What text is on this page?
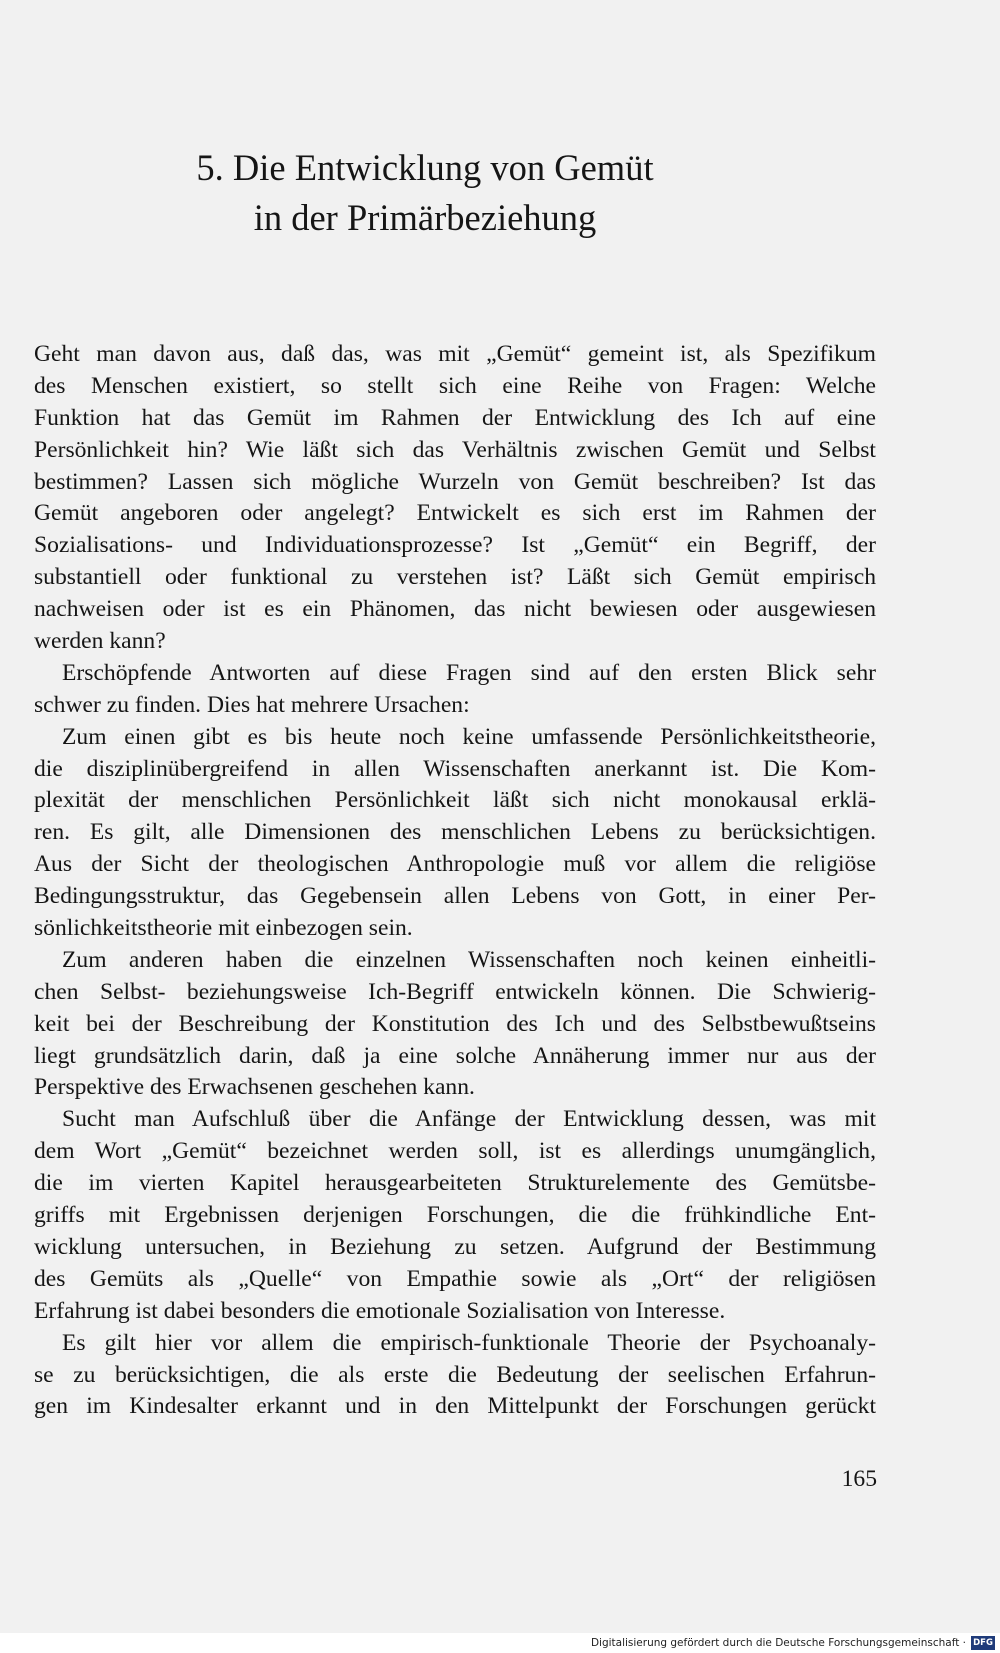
5. Die Entwicklung von Gemüt
in der Primärbeziehung
Geht man davon aus, daß das, was mit „Gemüt“ gemeint ist, als Spezifikum
des Menschen existiert, so stellt sich eine Reihe von Fragen: Welche
Funktion hat das Gemüt im Rahmen der Entwicklung des Ich auf eine
Persönlichkeit hin? Wie läßt sich das Verhältnis zwischen Gemüt und Selbst
bestimmen? Lassen sich mögliche Wurzeln von Gemüt beschreiben? Ist das
Gemüt angeboren oder angelegt? Entwickelt es sich erst im Rahmen der
Sozialisations- und Individuationsprozesse? Ist „Gemüt“ ein Begriff, der
substantiell oder funktional zu verstehen ist? Läßt sich Gemüt empirisch
nachweisen oder ist es ein Phänomen, das nicht bewiesen oder ausgewiesen
werden kann?
Erschöpfende Antworten auf diese Fragen sind auf den ersten Blick sehr
schwer zu finden. Dies hat mehrere Ursachen:
Zum einen gibt es bis heute noch keine umfassende Persönlichkeitstheorie,
die disziplinübergreifend in allen Wissenschaften anerkannt ist. Die Kom-
plexität der menschlichen Persönlichkeit läßt sich nicht monokausal erklä-
ren. Es gilt, alle Dimensionen des menschlichen Lebens zu berücksichtigen.
Aus der Sicht der theologischen Anthropologie muß vor allem die religiöse
Bedingungsstruktur, das Gegebensein allen Lebens von Gott, in einer Per-
sönlichkeitstheorie mit einbezogen sein.
Zum anderen haben die einzelnen Wissenschaften noch keinen einheitli-
chen Selbst- beziehungsweise Ich-Begriff entwickeln können. Die Schwierig-
keit bei der Beschreibung der Konstitution des Ich und des Selbstbewußtseins
liegt grundsätzlich darin, daß ja eine solche Annäherung immer nur aus der
Perspektive des Erwachsenen geschehen kann.
Sucht man Aufschluß über die Anfänge der Entwicklung dessen, was mit
dem Wort „Gemüt“ bezeichnet werden soll, ist es allerdings unumgänglich,
die im vierten Kapitel herausgearbeiteten Strukturelemente des Gemütsbe-
griffs mit Ergebnissen derjenigen Forschungen, die die frühkindliche Ent-
wicklung untersuchen, in Beziehung zu setzen. Aufgrund der Bestimmung
des Gemüts als „Quelle“ von Empathie sowie als „Ort“ der religiösen
Erfahrung ist dabei besonders die emotionale Sozialisation von Interesse.
Es gilt hier vor allem die empirisch-funktionale Theorie der Psychoanaly-
se zu berücksichtigen, die als erste die Bedeutung der seelischen Erfahrun-
gen im Kindesalter erkannt und in den Mittelpunkt der Forschungen gerückt
165
Digitalisierung gefördert durch die Deutsche Forschungsgemeinschaft · DFG
